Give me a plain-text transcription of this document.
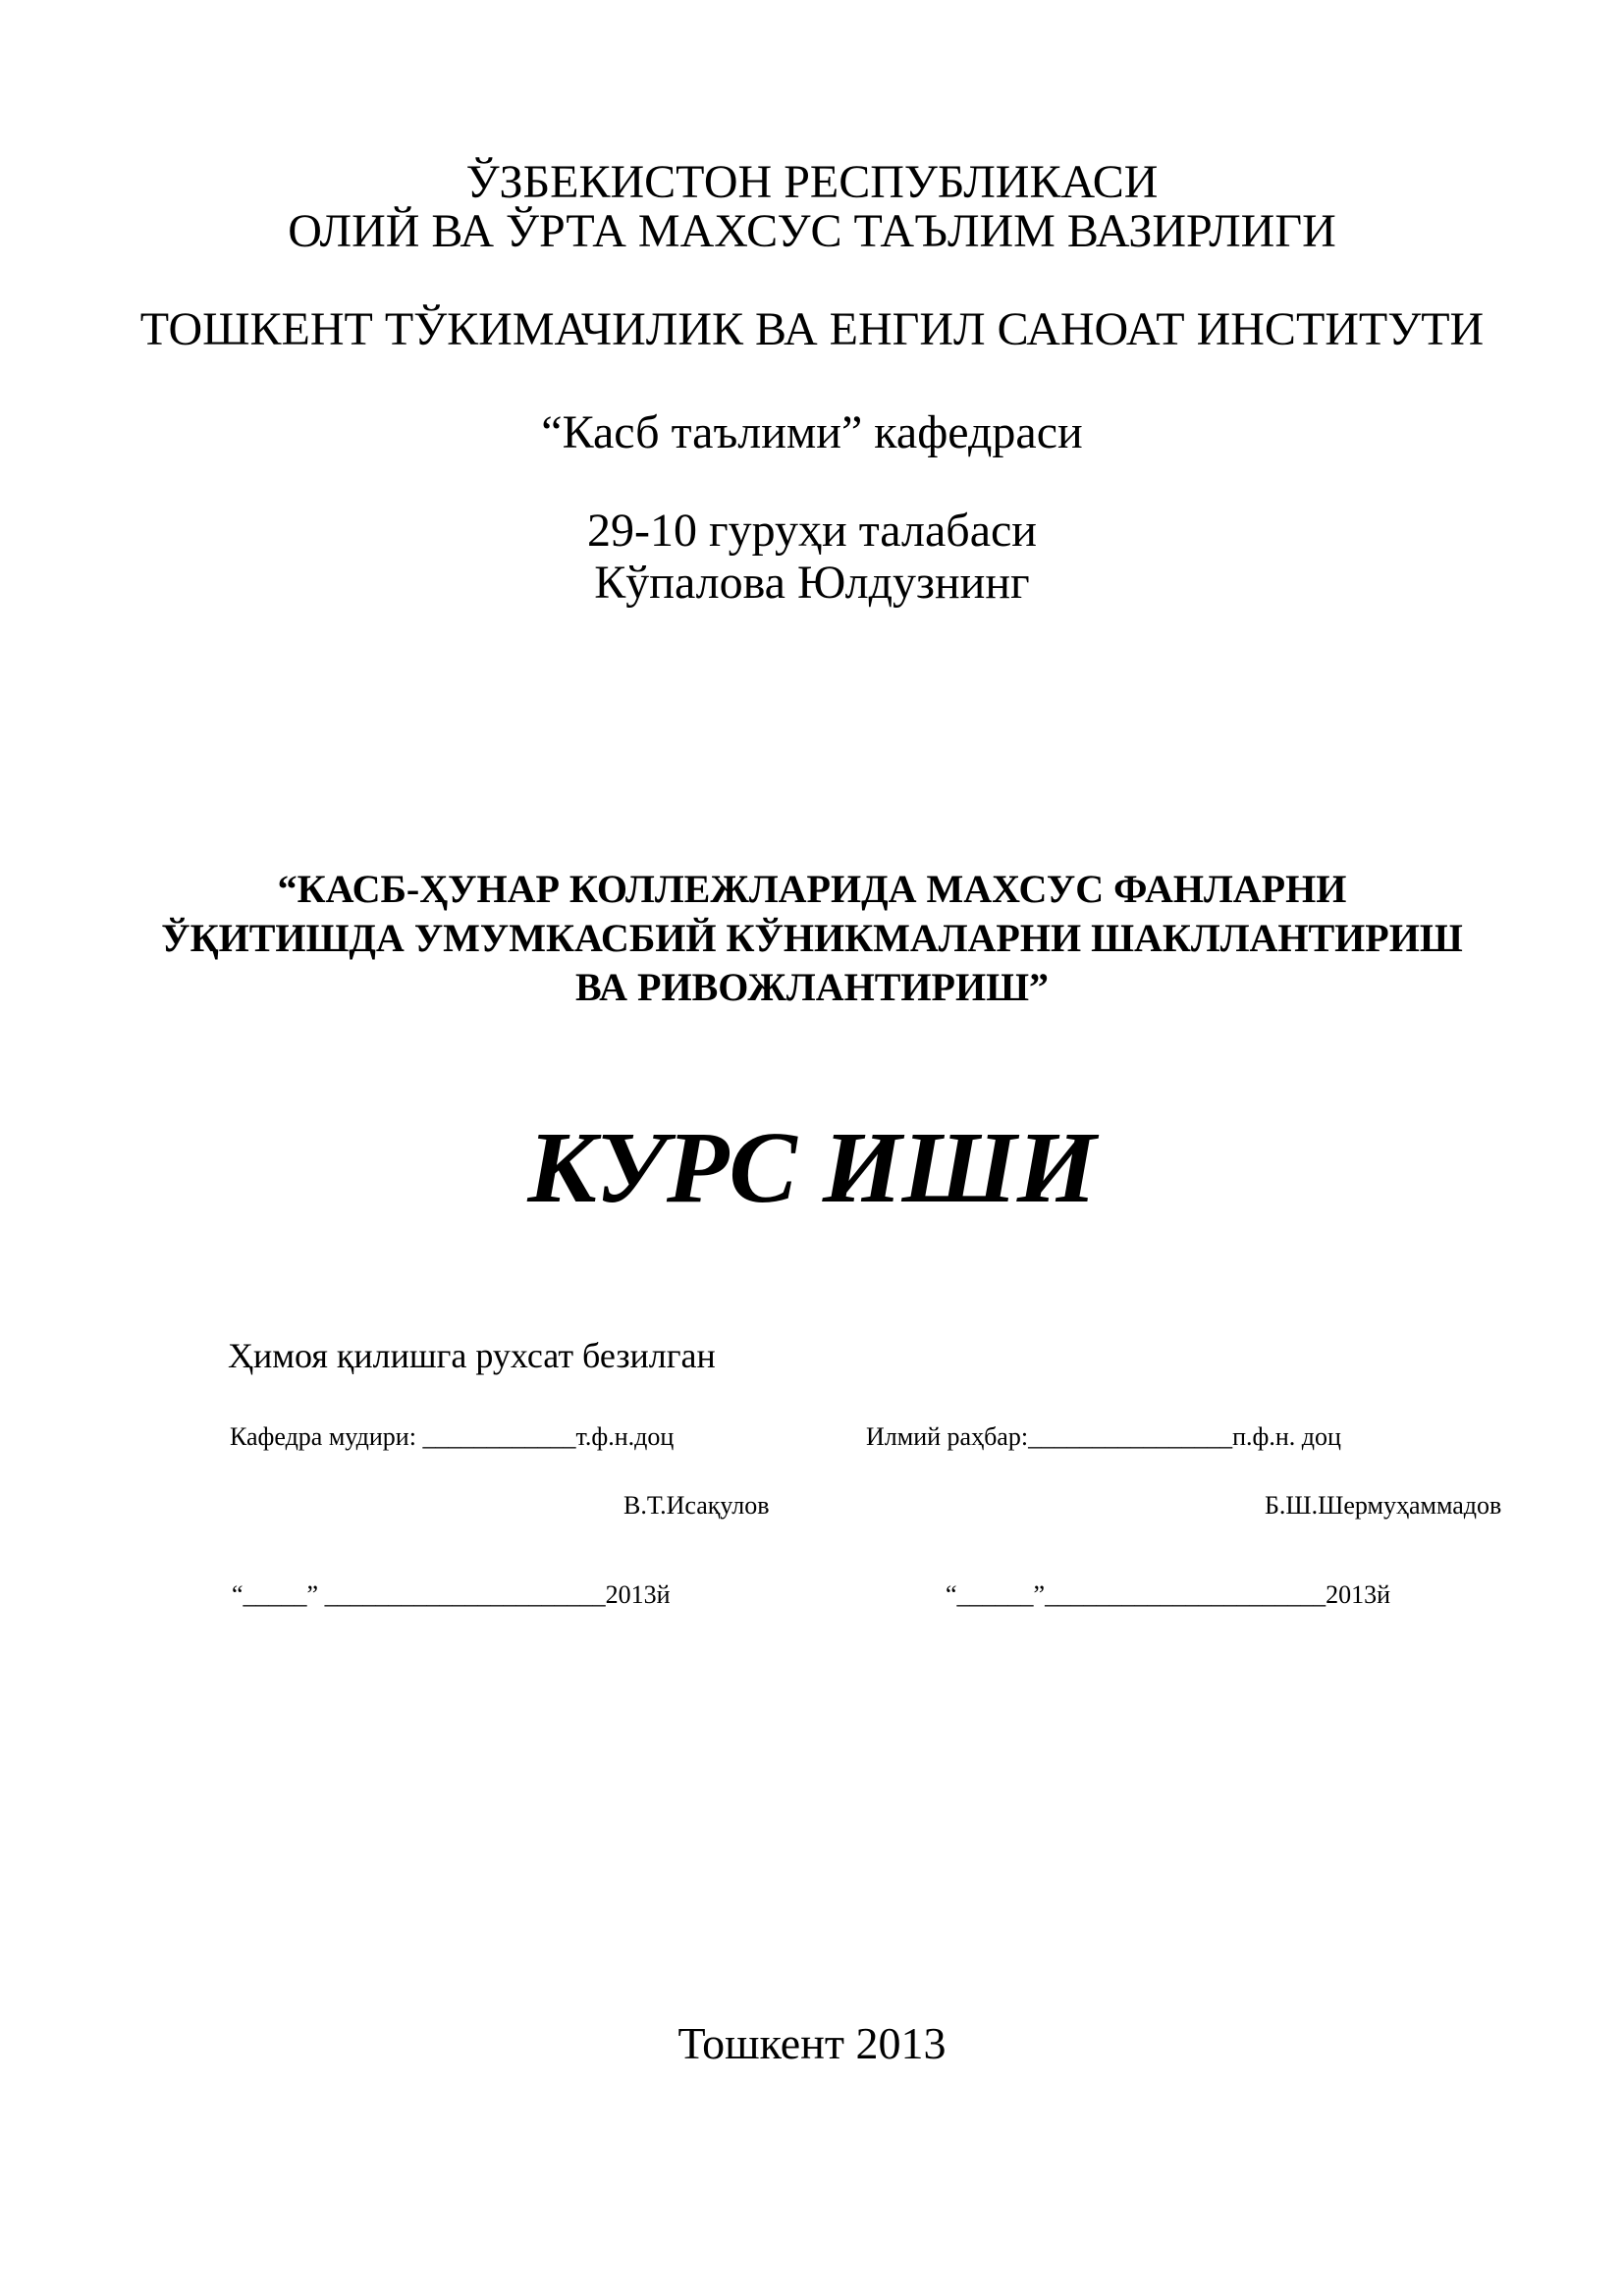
ЎЗБЕКИСТОН РЕСПУБЛИКАСИ
ОЛИЙ ВА ЎРТА МАХСУС ТАЪЛИМ ВАЗИРЛИГИ
ТОШКЕНТ ТЎКИМАЧИЛИК ВА ЕНГИЛ САНОАТ ИНСТИТУТИ
“Касб таълими” кафедраси
29-10 гуруҳи талабаси
Кўпалова Юлдузнинг
“КАСБ-ҲУНАР КОЛЛЕЖЛАРИДА МАХСУС ФАНЛАРНИ
ЎҚИТИШДА УМУМКАСБИЙ КЎНИКМАЛАРНИ ШАКЛЛАНТИРИШ
ВА РИВОЖЛАНТИРИШ”
КУРС ИШИ
Ҳимоя қилишга рухсат безилган
Кафедра мудири: ____________т.ф.н.доц	Илмий раҳбар:________________п.ф.н. доц
В.Т.Исақулов	Б.Ш.Шермуҳаммадов
“_____” ______________________2013й	“______”______________________2013й
Тошкент 2013
